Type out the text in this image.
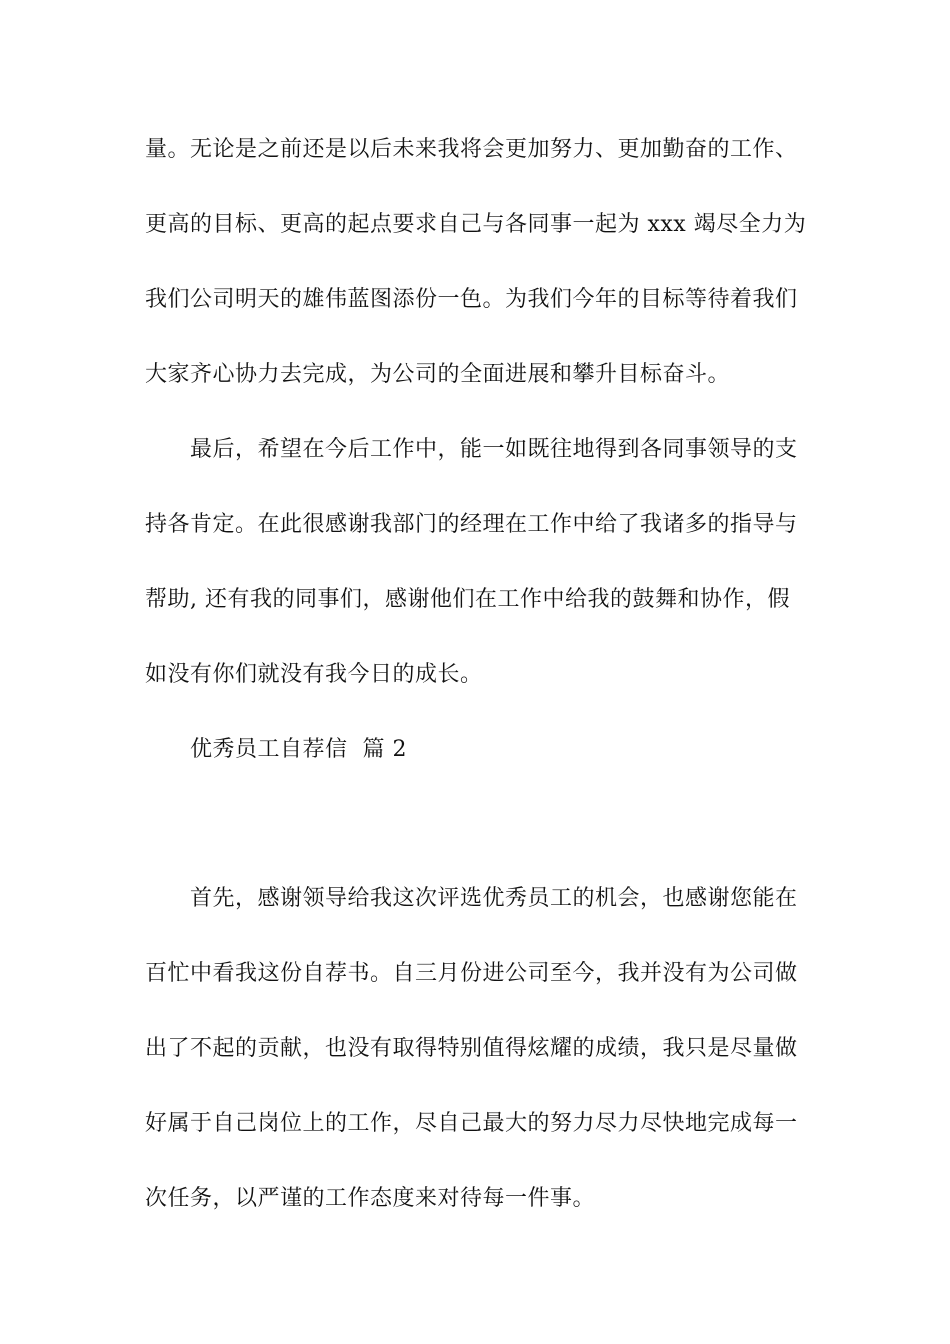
量。无论是之前还是以后未来我将会更加努力、更加勤奋的工作、
更高的目标、更高的起点要求自己与各同事一起为 xxx 竭尽全力为
我们公司明天的雄伟蓝图添份一色。为我们今年的目标等待着我们
大家齐心协力去完成，为公司的全面进展和攀升目标奋斗。
最后，希望在今后工作中，能一如既往地得到各同事领导的支
持各肯定。在此很感谢我部门的经理在工作中给了我诸多的指导与
帮助, 还有我的同事们，感谢他们在工作中给我的鼓舞和协作，假
如没有你们就没有我今日的成长。
优秀员工自荐信  篇 2
首先，感谢领导给我这次评选优秀员工的机会，也感谢您能在
百忙中看我这份自荐书。自三月份进公司至今，我并没有为公司做
出了不起的贡献，也没有取得特别值得炫耀的成绩，我只是尽量做
好属于自己岗位上的工作，尽自己最大的努力尽力尽快地完成每一
次任务，以严谨的工作态度来对待每一件事。
